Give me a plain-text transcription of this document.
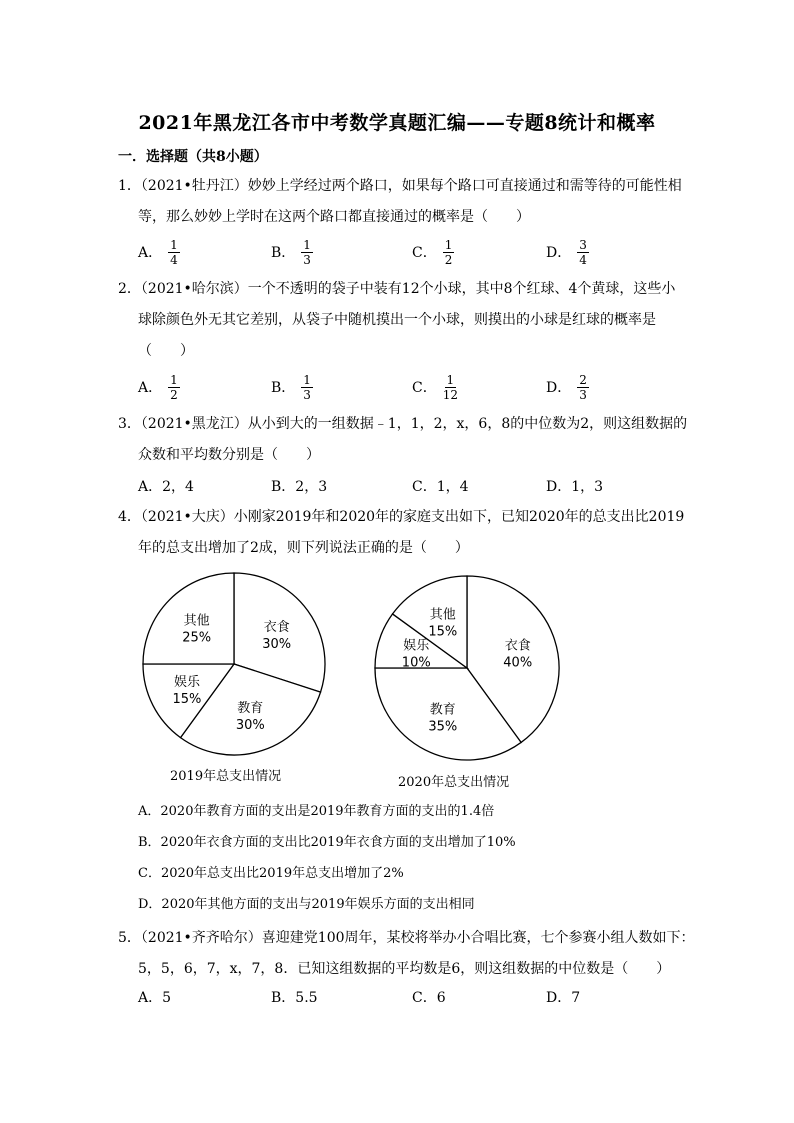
2021年黑龙江各市中考数学真题汇编——专题8统计和概率
一．选择题（共8小题）
1．（2021•牡丹江）妙妙上学经过两个路口，如果每个路口可直接通过和需等待的可能性相
等，那么妙妙上学时在这两个路口都直接通过的概率是（　　）
A． $\frac{1}{4}$	B． $\frac{1}{3}$	C． $\frac{1}{2}$	D． $\frac{3}{4}$
2．（2021•哈尔滨）一个不透明的袋子中装有12个小球，其中8个红球、4个黄球，这些小
球除颜色外无其它差别，从袋子中随机摸出一个小球，则摸出的小球是红球的概率是
（　　）
A． $\frac{1}{2}$	B． $\frac{1}{3}$	C． $\frac{1}{12}$	D． $\frac{2}{3}$
3．（2021•黑龙江）从小到大的一组数据﹣1，1，2，x，6，8的中位数为2，则这组数据的
众数和平均数分别是（　　）
A．2，4	B．2，3	C．1，4	D．1，3
4．（2021•大庆）小刚家2019年和2020年的家庭支出如下，已知2020年的总支出比2019
年的总支出增加了2成，则下列说法正确的是（　　）
衣食
30%
教育
30%
娱乐
15%
其他
25%
衣食
40%
教育
35%
娱乐
10%
其他
15%
2019年总支出情况	2020年总支出情况
A．2020年教育方面的支出是2019年教育方面的支出的1.4倍
B．2020年衣食方面的支出比2019年衣食方面的支出增加了10%
C．2020年总支出比2019年总支出增加了2%
D．2020年其他方面的支出与2019年娱乐方面的支出相同
5．（2021•齐齐哈尔）喜迎建党100周年，某校将举办小合唱比赛，七个参赛小组人数如下：
5，5，6，7，x，7，8．已知这组数据的平均数是6，则这组数据的中位数是（　　）
A．5	B．5.5	C．6	D．7
